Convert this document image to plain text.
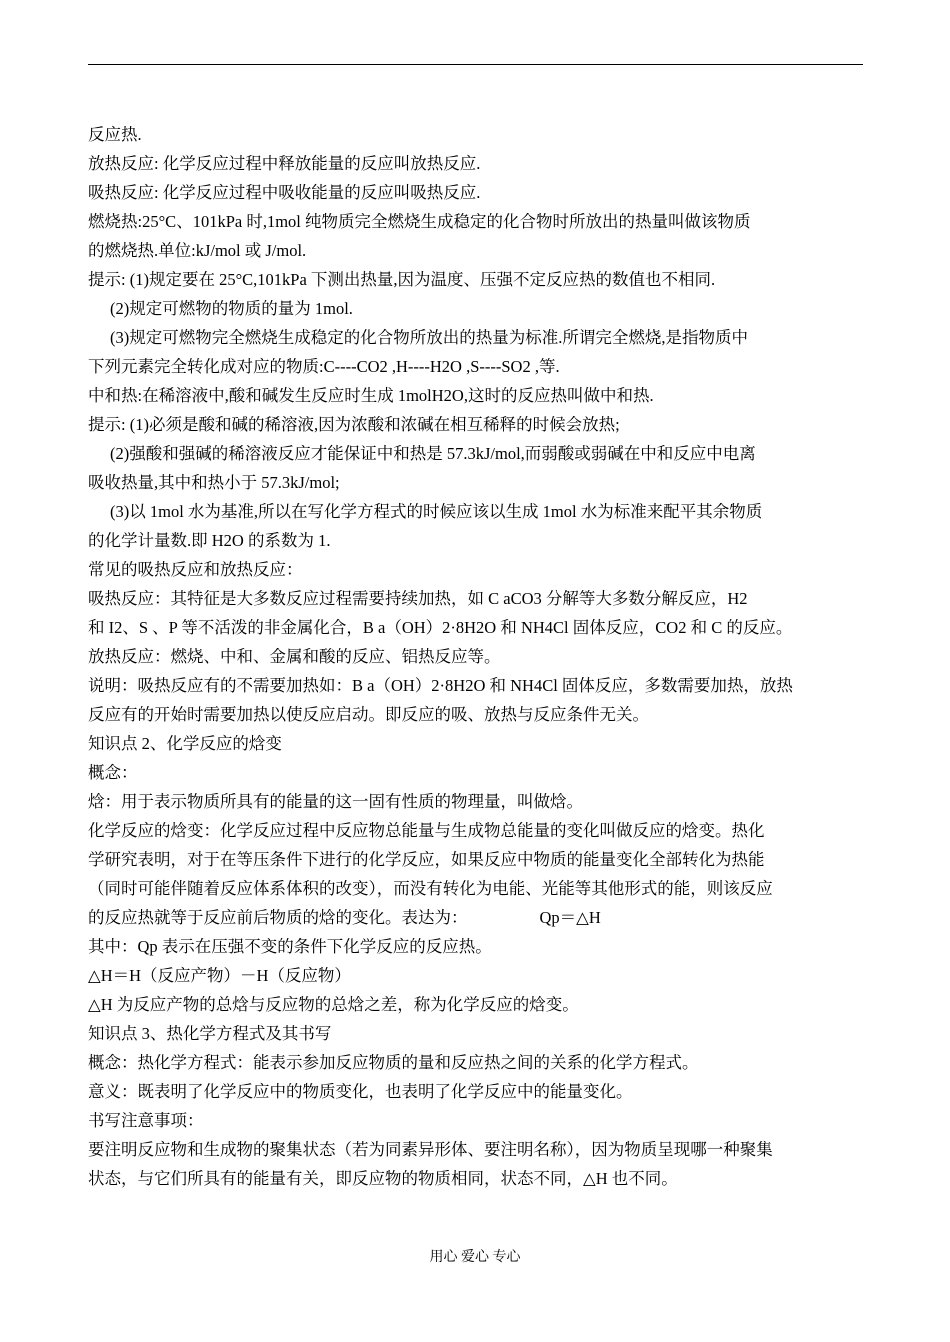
反应热.
放热反应: 化学反应过程中释放能量的反应叫放热反应.
吸热反应: 化学反应过程中吸收能量的反应叫吸热反应.
燃烧热:25°C、101kPa 时,1mol 纯物质完全燃烧生成稳定的化合物时所放出的热量叫做该物质
的燃烧热.单位:kJ/mol 或 J/mol.
提示: (1)规定要在 25°C,101kPa 下测出热量,因为温度、压强不定反应热的数值也不相同.
(2)规定可燃物的物质的量为 1mol.
(3)规定可燃物完全燃烧生成稳定的化合物所放出的热量为标准.所谓完全燃烧,是指物质中
下列元素完全转化成对应的物质:C----CO2 ,H----H2O ,S----SO2 ,等.
中和热:在稀溶液中,酸和碱发生反应时生成 1molH2O,这时的反应热叫做中和热.
提示: (1)必须是酸和碱的稀溶液,因为浓酸和浓碱在相互稀释的时候会放热;
(2)强酸和强碱的稀溶液反应才能保证中和热是 57.3kJ/mol,而弱酸或弱碱在中和反应中电离
吸收热量,其中和热小于 57.3kJ/mol;
(3)以 1mol 水为基准,所以在写化学方程式的时候应该以生成 1mol 水为标准来配平其余物质
的化学计量数.即 H2O 的系数为 1.
常见的吸热反应和放热反应：
吸热反应：其特征是大多数反应过程需要持续加热，如 C aCO3 分解等大多数分解反应，H2
和 I2、S 、P 等不活泼的非金属化合，B a（OH）2·8H2O 和 NH4Cl 固体反应，CO2 和 C 的反应。
放热反应：燃烧、中和、金属和酸的反应、铝热反应等。
说明：吸热反应有的不需要加热如：B a（OH）2·8H2O 和 NH4Cl 固体反应，多数需要加热，放热
反应有的开始时需要加热以使反应启动。即反应的吸、放热与反应条件无关。
知识点 2、化学反应的焓变
概念：
焓：用于表示物质所具有的能量的这一固有性质的物理量，叫做焓。
化学反应的焓变：化学反应过程中反应物总能量与生成物总能量的变化叫做反应的焓变。热化
学研究表明，对于在等压条件下进行的化学反应，如果反应中物质的能量变化全部转化为热能
（同时可能伴随着反应体系体积的改变），而没有转化为电能、光能等其他形式的能，则该反应
的反应热就等于反应前后物质的焓的变化。表达为：	Qp＝△H
其中：Qp 表示在压强不变的条件下化学反应的反应热。
△H＝H（反应产物）－H（反应物）
△H 为反应产物的总焓与反应物的总焓之差，称为化学反应的焓变。
知识点 3、热化学方程式及其书写
概念：热化学方程式：能表示参加反应物质的量和反应热之间的关系的化学方程式。
意义：既表明了化学反应中的物质变化，也表明了化学反应中的能量变化。
书写注意事项：
要注明反应物和生成物的聚集状态（若为同素异形体、要注明名称），因为物质呈现哪一种聚集
状态，与它们所具有的能量有关，即反应物的物质相同，状态不同，△H 也不同。
用心 爱心 专心
